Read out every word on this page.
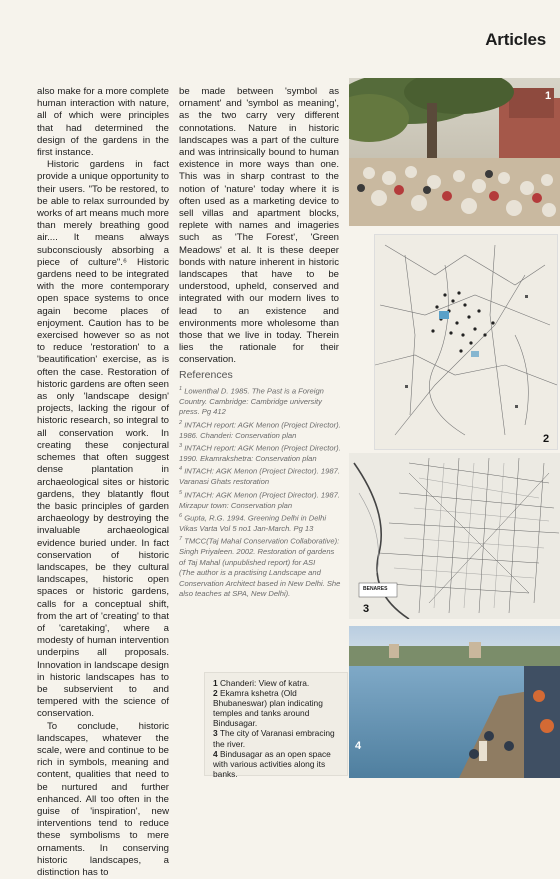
Articles

also make for a more complete human interaction with nature, all of which were principles that had determined the design of the gardens in the first instance.

Historic gardens in fact provide a unique opportunity to their users. "To be restored, to be able to relax surrounded by works of art means much more than merely breathing good air.... It means always subconsciously absorbing a piece of culture".⁶ Historic gardens need to be integrated with the more contemporary open space systems to once again become places of enjoyment. Caution has to be exercised however so as not to reduce 'restoration' to a 'beautification' exercise, as is often the case. Restoration of historic gardens are often seen as only 'landscape design' projects, lacking the rigour of historic research, so integral to all conservation work. In creating these conjectural schemes that often suggest dense plantation in archaeological sites or historic gardens, they blatantly flout the basic principles of garden archaeology by destroying the invaluable archaeological evidence buried under. In fact conservation of historic landscapes, be they cultural landscapes, historic open spaces or historic gardens, calls for a conceptual shift, from the art of 'creating' to that of 'caretaking', where a modesty of human intervention underpins all proposals. Innovation in landscape design in historic landscapes has to be subservient to and tempered with the science of conservation.

To conclude, historic landscapes, whatever the scale, were and continue to be rich in symbols, meaning and content, qualities that need to be nurtured and further enhanced. All too often in the guise of 'inspiration', new interventions tend to reduce these symbolisms to mere ornaments. In conserving historic landscapes, a distinction has to

be made between 'symbol as ornament' and 'symbol as meaning', as the two carry very different connotations. Nature in historic landscapes was a part of the culture and was intrinsically bound to human existence in more ways than one. This was in sharp contrast to the notion of 'nature' today where it is often used as a marketing device to sell villas and apartment blocks, replete with names and imageries such as 'The Forest', 'Green Meadows' et al. It is these deeper bonds with nature inherent in historic landscapes that have to be understood, upheld, conserved and integrated with our modern lives to lead to an existence and environments more wholesome than those that we live in today. Therein lies the rationale for their conservation.

References
$^1$ Lowenthal D. 1985. The Past is a Foreign Country. Cambridge: Cambridge university press. Pg 412
$^2$ INTACH report: AGK Menon (Project Director). 1986. Chanderi: Conservation plan
$^3$ INTACH report: AGK Menon (Project Director). 1990. Ekamrakshetra: Conservation plan
$^4$ INTACH: AGK Menon (Project Director). 1987. Varanasi Ghats restoration
$^5$ INTACH: AGK Menon (Project Director). 1987. Mirzapur town: Conservation plan
$^6$ Gupta, R.G. 1994. Greening Delhi in Delhi Vikas Varta Vol 5 no1 Jan-March. Pg 13
$^7$ TMCC(Taj Mahal Conservation Collaborative): Singh Priyaleen. 2002. Restoration of gardens of Taj Mahal (unpublished report) for ASI
(The author is a practising Landscape and Conservation Architect based in New Delhi. She also teaches at SPA, New Delhi).
1
2
3
BENARES
4
1 Chanderi: View of katra.
2 Ekamra kshetra (Old Bhubaneswar) plan indicating temples and tanks around Bindusagar.
3 The city of Varanasi embracing the river.
4 Bindusagar as an open space with various activities along its banks.
